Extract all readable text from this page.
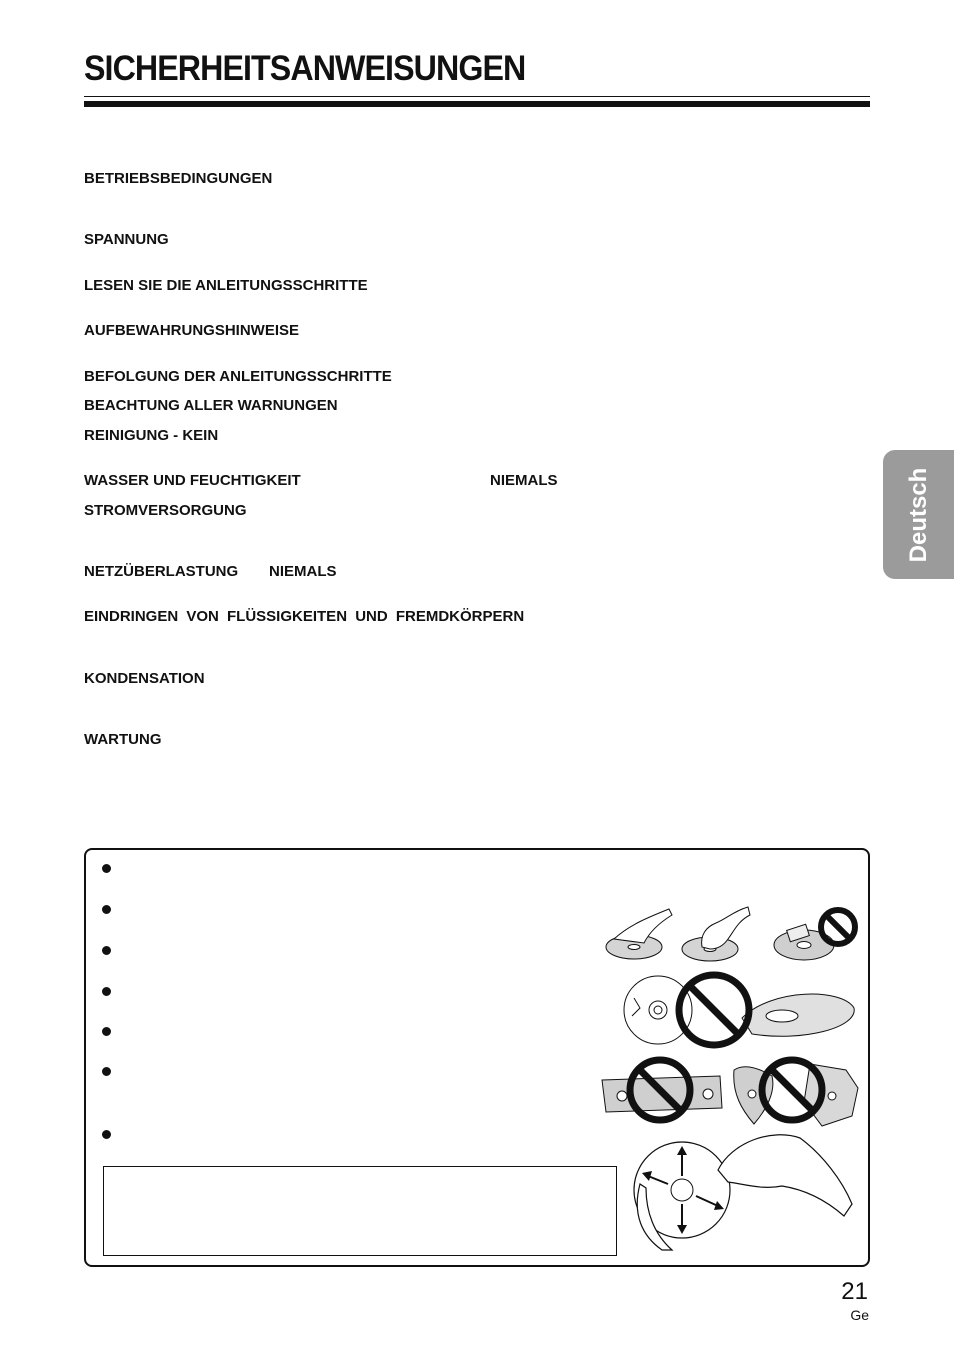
SICHERHEITSANWEISUNGEN
Deutsch
BETRIEBSBEDINGUNGEN
SPANNUNG
LESEN SIE DIE ANLEITUNGSSCHRITTE
AUFBEWAHRUNGSHINWEISE
BEFOLGUNG DER ANLEITUNGSSCHRITTE
BEACHTUNG ALLER WARNUNGEN
REINIGUNG - KEIN
WASSER UND FEUCHTIGKEIT	NIEMALS
STROMVERSORGUNG
NETZÜBERLASTUNG NIEMALS
EINDRINGEN VON FLÜSSIGKEITEN UND FREMDKÖRPERN
KONDENSATION
WARTUNG
21
Ge
